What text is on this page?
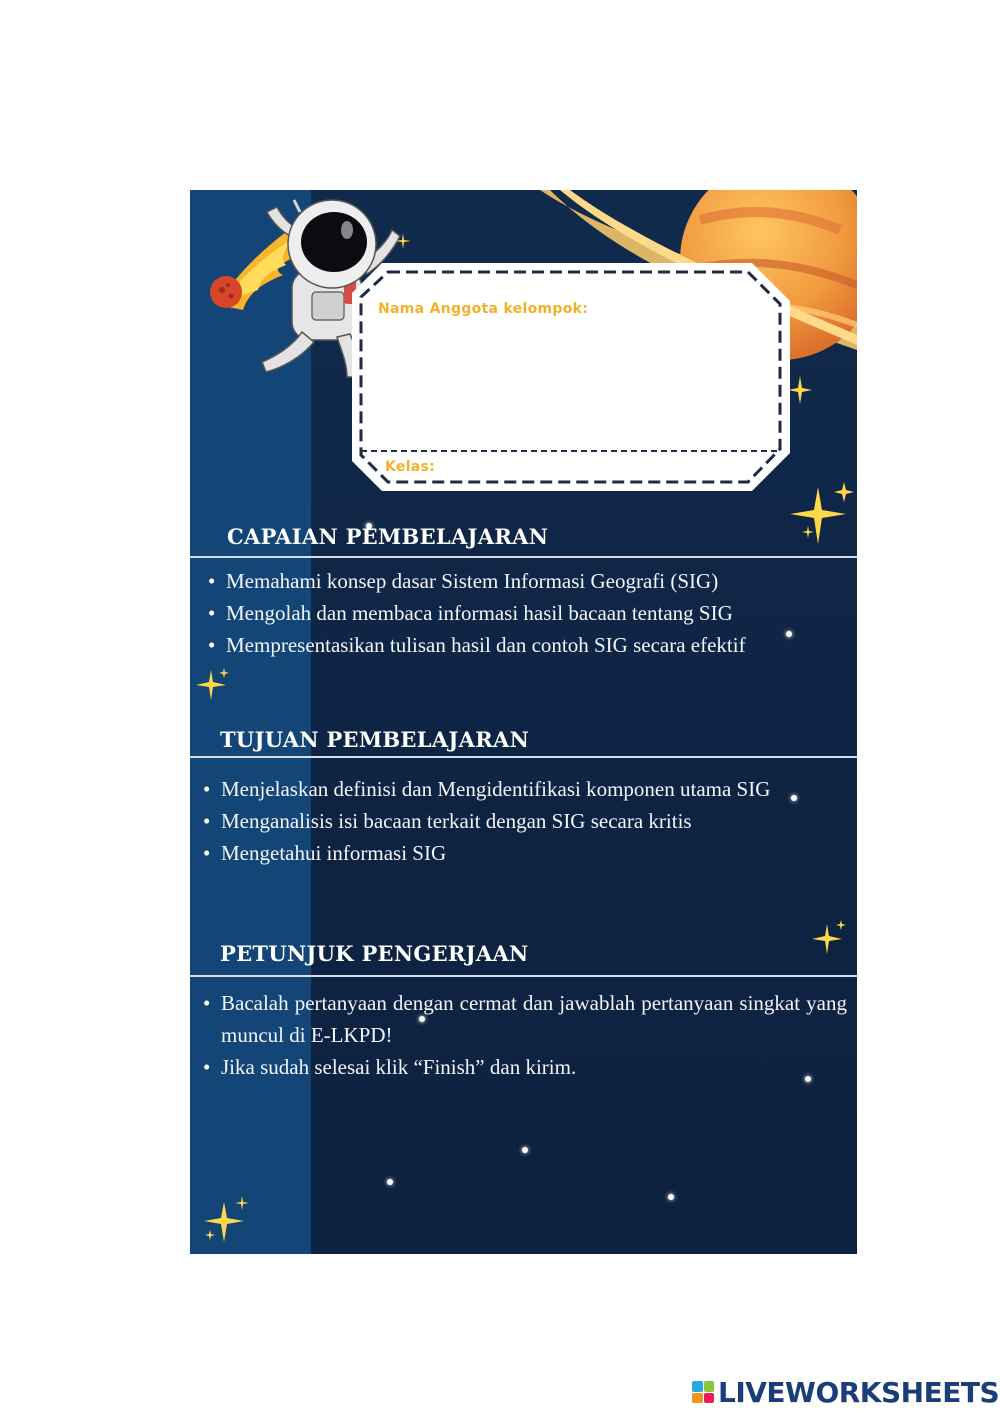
Nama Anggota kelompok:
Kelas:
CAPAIAN PEMBELAJARAN
• Memahami konsep dasar Sistem Informasi Geografi (SIG)
• Mengolah dan membaca informasi hasil bacaan tentang SIG
• Mempresentasikan tulisan hasil dan contoh SIG secara efektif
TUJUAN PEMBELAJARAN
• Menjelaskan definisi dan Mengidentifikasi komponen utama SIG
• Menganalisis isi bacaan terkait dengan SIG secara kritis
• Mengetahui informasi SIG
PETUNJUK PENGERJAAN
• Bacalah pertanyaan dengan cermat dan jawablah pertanyaan singkat yang muncul di E-LKPD!
• Jika sudah selesai klik “Finish” dan kirim.
LIVEWORKSHEETS
